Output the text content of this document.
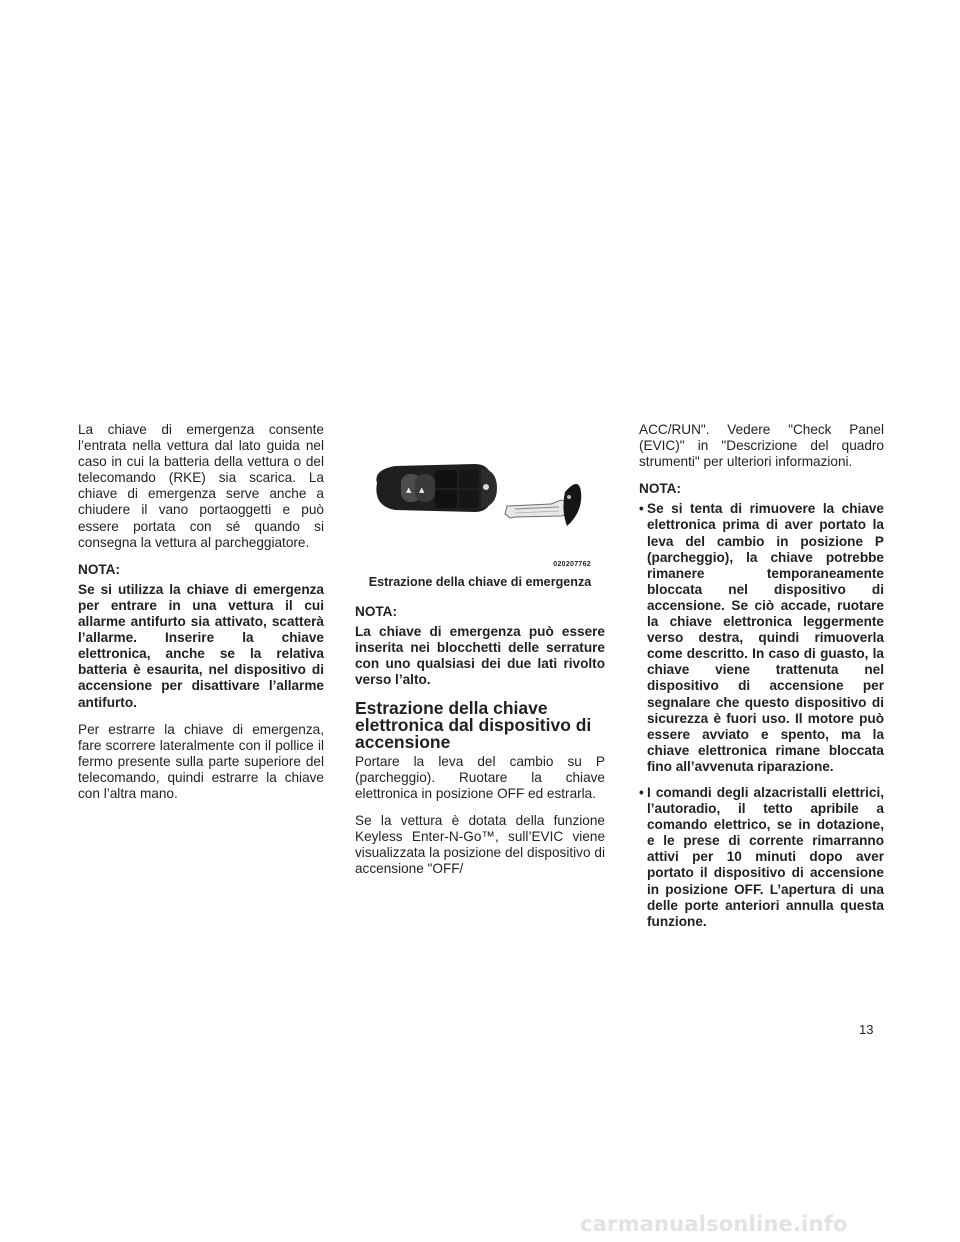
La chiave di emergenza consente l’entrata nella vettura dal lato guida nel caso in cui la batteria della vettura o del telecomando (RKE) sia scarica. La chiave di emergenza serve anche a chiudere il vano portaoggetti e può essere portata con sé quando si consegna la vettura al parcheggiatore.

NOTA:

Se si utilizza la chiave di emergenza per entrare in una vettura il cui allarme antifurto sia attivato, scatterà l’allarme. Inserire la chiave elettronica, anche se la relativa batteria è esaurita, nel dispositivo di accensione per disattivare l’allarme antifurto.

Per estrarre la chiave di emergenza, fare scorrere lateralmente con il pollice il fermo presente sulla parte superiore del telecomando, quindi estrarre la chiave con l’altra mano.

▲ ▲
020207762
Estrazione della chiave di emergenza
NOTA:

La chiave di emergenza può essere inserita nei blocchetti delle serrature con uno qualsiasi dei due lati rivolto verso l’alto.

Estrazione della chiave elettronica dal dispositivo di accensione

Portare la leva del cambio su P (parcheggio). Ruotare la chiave elettronica in posizione OFF ed estrarla.

Se la vettura è dotata della funzione Keyless Enter-N-Go™, sull’EVIC viene visualizzata la posizione del dispositivo di accensione "OFF/

ACC/RUN". Vedere "Check Panel (EVIC)" in "Descrizione del quadro strumenti" per ulteriori informazioni.

NOTA:
• Se si tenta di rimuovere la chiave elettronica prima di aver portato la leva del cambio in posizione P (parcheggio), la chiave potrebbe rimanere temporaneamente bloccata nel dispositivo di accensione. Se ciò accade, ruotare la chiave elettronica leggermente verso destra, quindi rimuoverla come descritto. In caso di guasto, la chiave viene trattenuta nel dispositivo di accensione per segnalare che questo dispositivo di sicurezza è fuori uso. Il motore può essere avviato e spento, ma la chiave elettronica rimane bloccata fino all’avvenuta riparazione.
• I comandi degli alzacristalli elettrici, l’autoradio, il tetto apribile a comando elettrico, se in dotazione, e le prese di corrente rimarranno attivi per 10 minuti dopo aver portato il dispositivo di accensione in posizione OFF. L’apertura di una delle porte anteriori annulla questa funzione.
13
carmanualsonline.info
